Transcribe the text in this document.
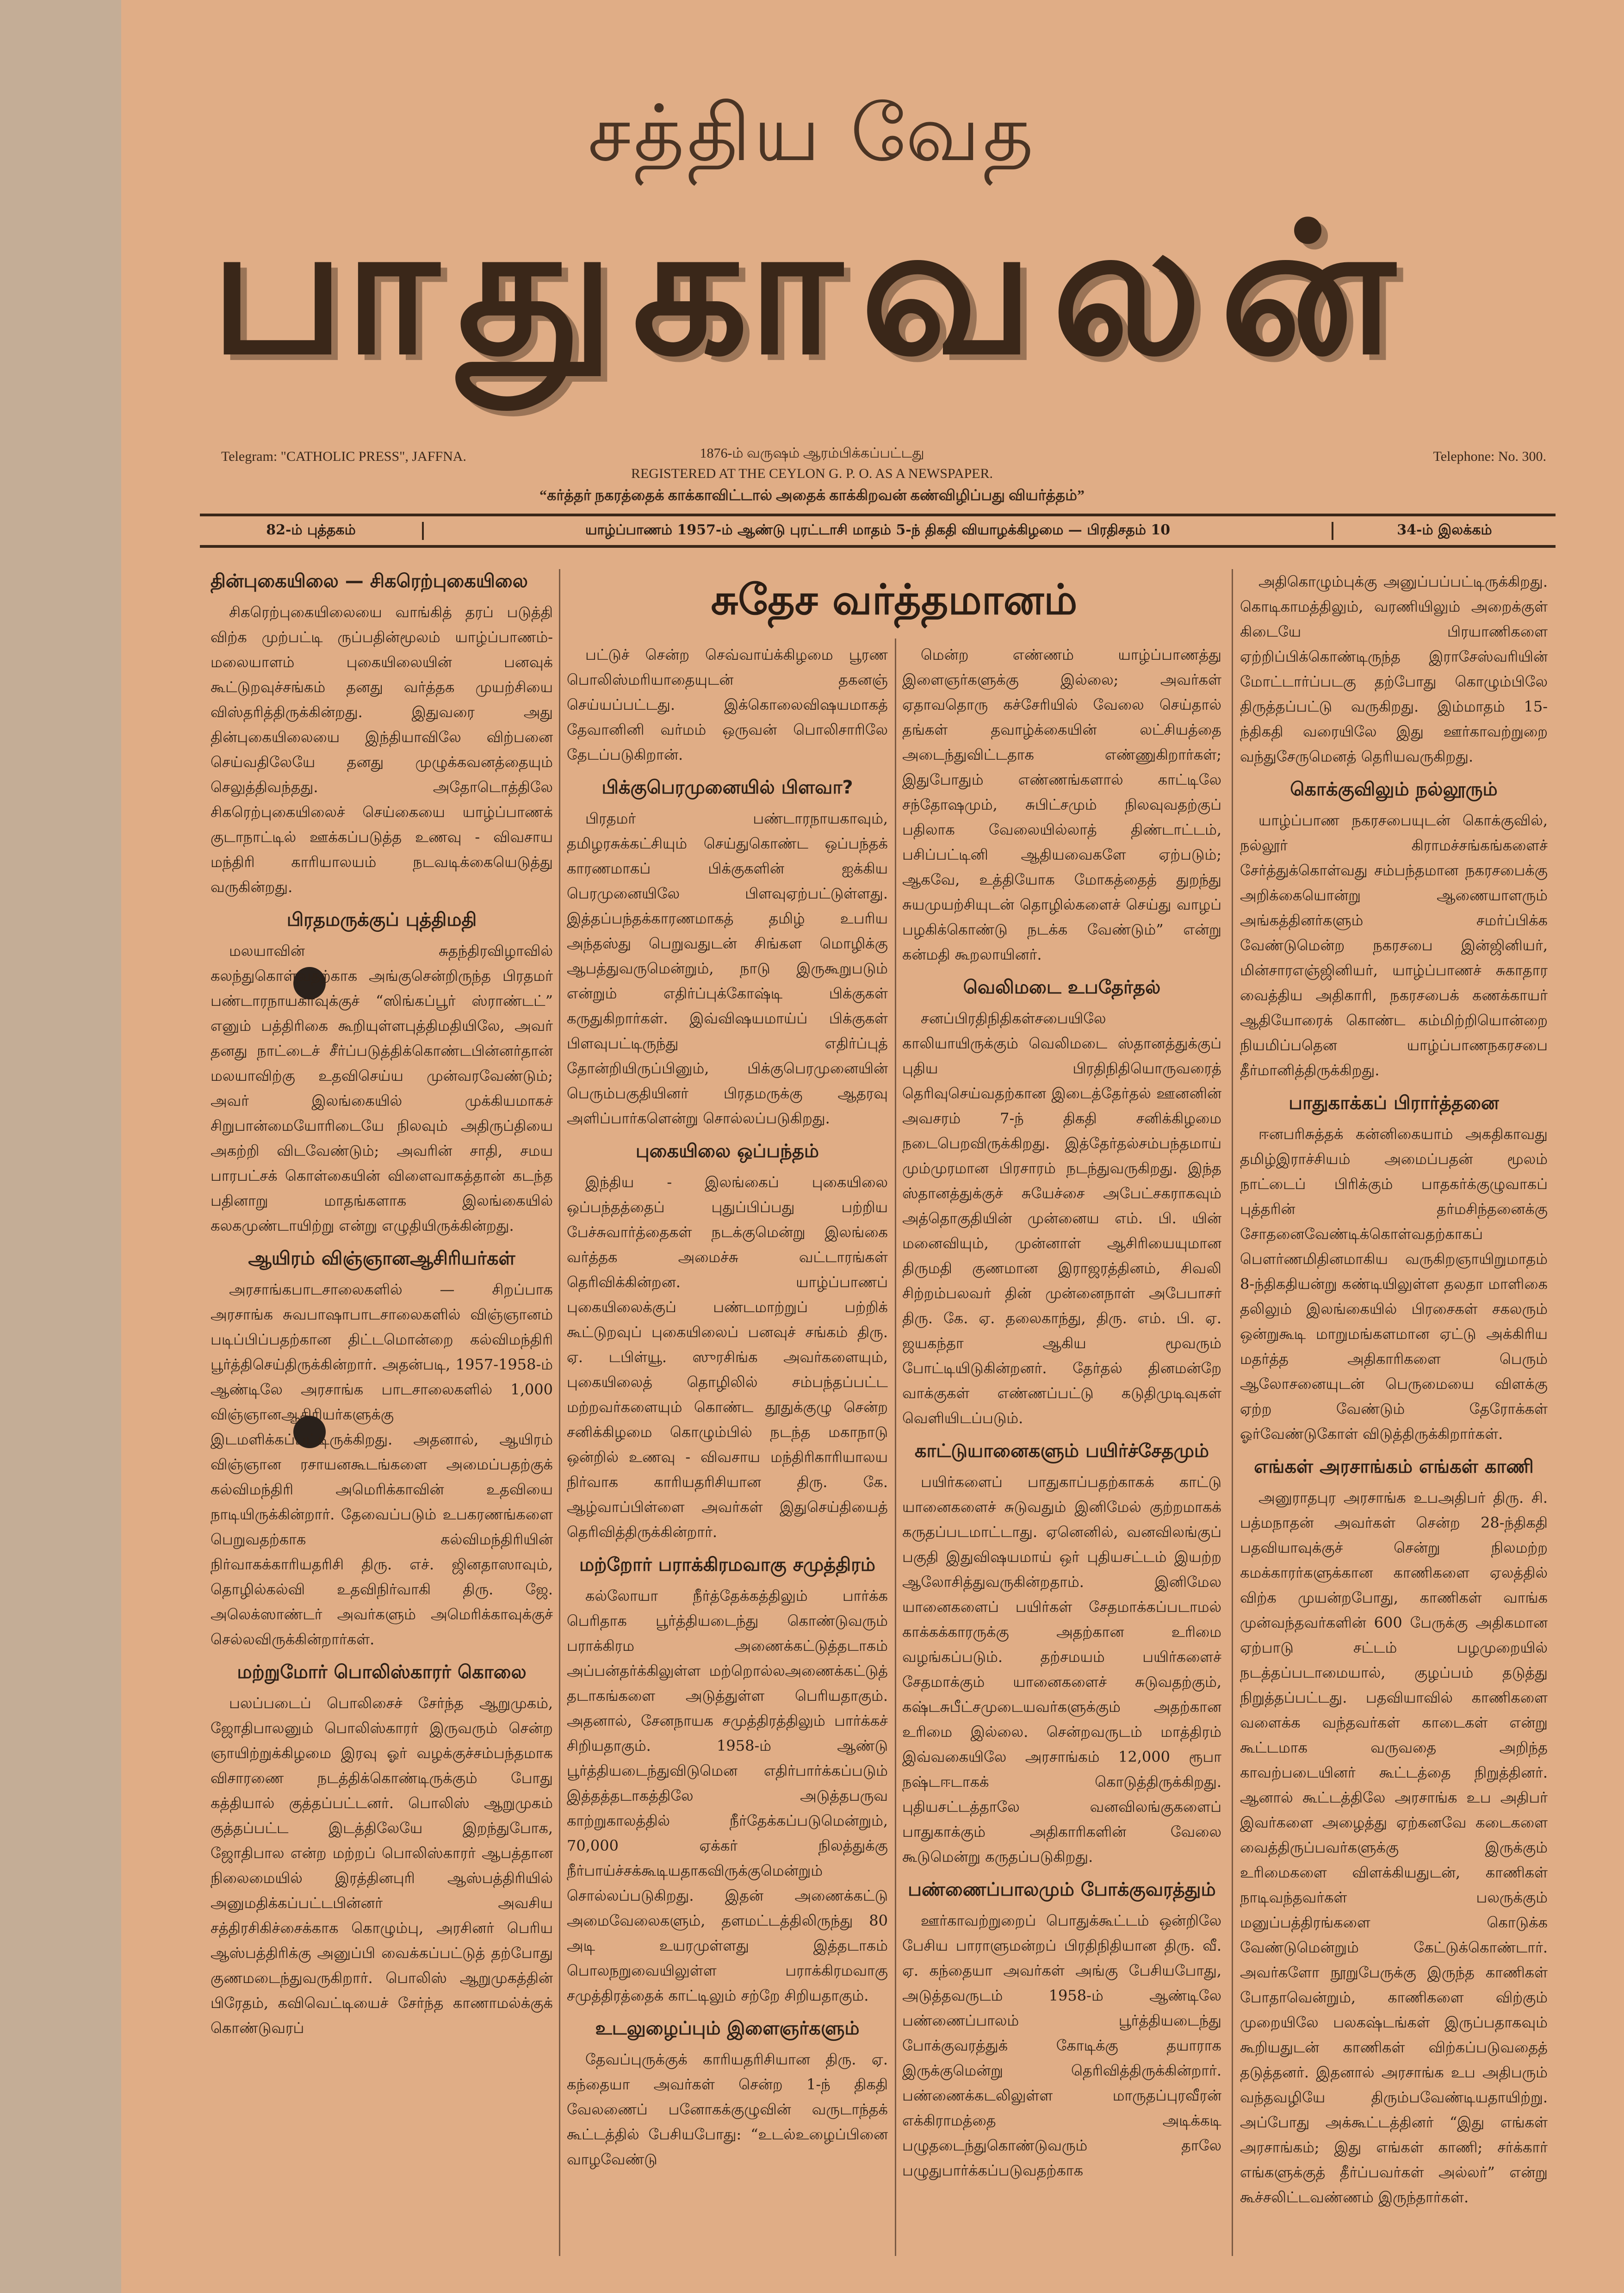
சத்திய வேத
பாதுகாவலன்
Telegram: "CATHOLIC PRESS", JAFFNA.	1876-ம் வருஷம் ஆரம்பிக்கப்பட்டது
REGISTERED AT THE CEYLON G. P. O. AS A NEWSPAPER.
Telephone: No. 300.
“கர்த்தர் நகரத்தைக் காக்காவிட்டால் அதைக் காக்கிறவன் கண்விழிப்பது வியர்த்தம்”
82-ம் புத்தகம்	யாழ்ப்பாணம் 1957-ம் ஆண்டு புரட்டாசி மாதம் 5-ந் திகதி வியாழக்கிழமை — பிரதிசதம் 10	34-ம் இலக்கம்
சுதேச வர்த்தமானம்
தின்புகையிலை — சிகரெற்புகையிலை

சிகரெற்புகையிலையை வாங்கித் தரப் படுத்தி விற்க முற்பட்டி ருப்பதின்மூலம் யாழ்ப்பாணம்-மலையாளம் புகையிலையின் பனவுக் கூட்டுறவுச்சங்கம் தனது வர்த்தக முயற்சியை விஸ்தரித்திருக்கின்றது. இதுவரை அது தின்புகையிலையை இந்தியாவிலே விற்பனை செய்வதிலேயே தனது முழுக்கவனத்தையும் செலுத்திவந்தது. அதோடொத்திலே சிகரெற்புகையிலைச் செய்கையை யாழ்ப்பாணக் குடாநாட்டில் ஊக்கப்படுத்த உணவு - விவசாய மந்திரி காரியாலயம் நடவடிக்கையெடுத்து வருகின்றது.

பிரதமருக்குப் புத்திமதி

மலயாவின் சுதந்திரவிழாவில் கலந்துகொள்வதற்காக அங்குசென்றிருந்த பிரதமர் பண்டாரநாயகாவுக்குச் “ஸிங்கப்பூர் ஸ்ராண்டட்” எனும் பத்திரிகை கூறியுள்ளபுத்திமதியிலே, அவர் தனது நாட்டைச் சீர்ப்படுத்திக்கொண்டபின்னர்தான் மலயாவிற்கு உதவிசெய்ய முன்வரவேண்டும்; அவர் இலங்கையில் முக்கியமாகச் சிறுபான்மையோரிடையே நிலவும் அதிருப்தியை அகற்றி விடவேண்டும்; அவரின் சாதி, சமய பாரபட்சக் கொள்கையின் விளைவாகத்தான் கடந்த பதினாறு மாதங்களாக இலங்கையில் கலகமுண்டாயிற்று என்று எழுதியிருக்கின்றது.

ஆயிரம் விஞ்ஞானஆசிரியர்கள்

அரசாங்கபாடசாலைகளில் — சிறப்பாக அரசாங்க சுவபாஷாபாடசாலைகளில் விஞ்ஞானம் படிப்பிப்பதற்கான திட்டமொன்றை கல்விமந்திரி பூர்த்திசெய்திருக்கின்றார். அதன்படி, 1957-1958-ம் ஆண்டிலே அரசாங்க பாடசாலைகளில் 1,000 விஞ்ஞானஆசிரியர்களுக்கு இடமளிக்கப்பட்டிருக்கிறது. அதனால், ஆயிரம் விஞ்ஞான ரசாயனகூடங்களை அமைப்பதற்குக் கல்விமந்திரி அமெரிக்காவின் உதவியை நாடியிருக்கின்றார். தேவைப்படும் உபகரணங்களை பெறுவதற்காக கல்விமந்திரியின் நிர்வாகக்காரியதரிசி திரு. எச். ஜினதாஸாவும், தொழில்கல்வி உதவிநிர்வாகி திரு. ஜே. அலெக்ஸாண்டர் அவர்களும் அமெரிக்காவுக்குச் செல்லவிருக்கின்றார்கள்.

மற்றுமோர் பொலிஸ்காரர் கொலை

பலப்படைப் பொலிசைச் சேர்ந்த ஆறுமுகம், ஜோதிபாலனும் பொலிஸ்காரர் இருவரும் சென்ற ஞாயிற்றுக்கிழமை இரவு ஓர் வழக்குச்சம்பந்தமாக விசாரணை நடத்திக்கொண்டிருக்கும் போது கத்தியால் குத்தப்பட்டனர். பொலிஸ் ஆறுமுகம் குத்தப்பட்ட இடத்திலேயே இறந்துபோக, ஜோதிபால என்ற மற்றப் பொலிஸ்காரர் ஆபத்தான நிலைமையில் இரத்தினபுரி ஆஸ்பத்திரியில் அனுமதிக்கப்பட்டபின்னர் அவசிய சத்திரசிகிச்சைக்காக கொழும்பு, அரசினர் பெரிய ஆஸ்பத்திரிக்கு அனுப்பி வைக்கப்பட்டுத் தற்போது குணமடைந்துவருகிறார். பொலிஸ் ஆறுமுகத்தின் பிரேதம், கவிவெட்டியைச் சேர்ந்த காணாமல்க்குக் கொண்டுவரப்

பட்டுச் சென்ற செவ்வாய்க்கிழமை பூரண பொலிஸ்மரியாதையுடன் தகனஞ் செய்யப்பட்டது. இக்கொலைவிஷயமாகத் தேவானினி வர்மம் ஒருவன் பொலிசாரிலே தேடப்படுகிறான்.

பிக்குபெரமுனையில் பிளவா?

பிரதமர் பண்டாரநாயகாவும், தமிழரசுக்கட்சியும் செய்துகொண்ட ஒப்பந்தக் காரணமாகப் பிக்குகளின் ஐக்கிய பெரமுனையிலே பிளவுஏற்பட்டுள்ளது. இத்தப்பந்தக்காரணமாகத் தமிழ் உபரிய அந்தஸ்து பெறுவதுடன் சிங்கள மொழிக்கு ஆபத்துவருமென்றும், நாடு இருகூறுபடும் என்றும் எதிர்ப்புக்கோஷ்டி பிக்குகள் கருதுகிறார்கள். இவ்விஷயமாய்ப் பிக்குகள் பிளவுபட்டிருந்து எதிர்ப்புத் தோன்றியிருப்பினும், பிக்குபெரமுனையின் பெரும்பகுதியினர் பிரதமருக்கு ஆதரவு அளிப்பார்களென்று சொல்லப்படுகிறது.

புகையிலை ஒப்பந்தம்

இந்திய - இலங்கைப் புகையிலை ஒப்பந்தத்தைப் புதுப்பிப்பது பற்றிய பேச்சுவார்த்தைகள் நடக்குமென்று இலங்கை வர்த்தக அமைச்சு வட்டாரங்கள் தெரிவிக்கின்றன. யாழ்ப்பாணப் புகையிலைக்குப் பண்டமாற்றுப் பற்றிக் கூட்டுறவுப் புகையிலைப் பனவுச் சங்கம் திரு. ஏ. டபிள்யூ. ஸுரசிங்க அவர்களையும், புகையிலைத் தொழிலில் சம்பந்தப்பட்ட மற்றவர்களையும் கொண்ட தூதுக்குழு சென்ற சனிக்கிழமை கொழும்பில் நடந்த மகாநாடு ஒன்றில் உணவு - விவசாய மந்திரிகாரியாலய நிர்வாக காரியதரிசியான திரு. கே. ஆழ்வாப்பிள்ளை அவர்கள் இதுசெய்தியைத் தெரிவித்திருக்கின்றார்.

மற்றோர் பராக்கிரமவாகு சமுத்திரம்

கல்லோயா நீர்த்தேக்கத்திலும் பார்க்க பெரிதாக பூர்த்தியடைந்து கொண்டுவரும் பராக்கிரம அணைக்கட்டுத்தடாகம் அப்பன்தர்க்கிலுள்ள மற்றொல்லஅணைக்கட்டுத் தடாகங்களை அடுத்துள்ள பெரியதாகும். அதனால், சேனநாயக சமுத்திரத்திலும் பார்க்கச் சிறியதாகும். 1958-ம் ஆண்டு பூர்த்தியடைந்துவிடுமென எதிர்பார்க்கப்படும் இத்தத்தடாகத்திலே அடுத்தபருவ காற்றுகாலத்தில் நீர்தேக்கப்படுமென்றும், 70,000 ஏக்கர் நிலத்துக்கு நீர்பாய்ச்சக்கூடியதாகவிருக்குமென்றும் சொல்லப்படுகிறது. இதன் அணைக்கட்டு அமைவேலைகளும், தளமட்டத்திலிருந்து 80 அடி உயரமுள்ளது இத்தடாகம் பொலநறுவையிலுள்ள பராக்கிரமவாகு சமுத்திரத்தைக் காட்டிலும் சற்றே சிறியதாகும்.

உடலுழைப்பும் இளைஞர்களும்

தேவப்புருக்குக் காரியதரிசியான திரு. ஏ. கந்தையா அவர்கள் சென்ற 1-ந் திகதி வேலணைப் பனோகக்குழுவின் வருடாந்தக் கூட்டத்தில் பேசியபோது: “உடல்உழைப்பினை வாழவேண்டு

மென்ற எண்ணம் யாழ்ப்பாணத்து இளைஞர்களுக்கு இல்லை; அவர்கள் ஏதாவதொரு கச்சேரியில் வேலை செய்தால் தங்கள் தவாழ்க்கையின் லட்சியத்தை அடைந்துவிட்டதாக எண்ணுகிறார்கள்; இதுபோதும் எண்ணங்களால் காட்டிலே சந்தோஷமும், சுபிட்சமும் நிலவுவதற்குப் பதிலாக வேலையில்லாத் திண்டாட்டம், பசிப்பட்டினி ஆதியவைகளே ஏற்படும்; ஆகவே, உத்தியோக மோகத்தைத் துறந்து சுயமுயற்சியுடன் தொழில்களைச் செய்து வாழப் பழகிக்கொண்டு நடக்க வேண்டும்” என்று கன்மதி கூறலாயினர்.

வெலிமடை உபதேர்தல்

சனப்பிரதிநிதிகள்சபையிலே காலியாயிருக்கும் வெலிமடை ஸ்தானத்துக்குப் புதிய பிரதிநிதியொருவரைத் தெரிவுசெய்வதற்கான இடைத்தேர்தல் ஊனனின் அவசரம் 7-ந் திகதி சனிக்கிழமை நடைபெறவிருக்கிறது. இத்தேர்தல்சம்பந்தமாய் மும்முரமான பிரசாரம் நடந்துவருகிறது. இந்த ஸ்தானத்துக்குச் சுயேச்சை அபேட்சகராகவும் அத்தொகுதியின் முன்னைய எம். பி. யின் மனைவியும், முன்னாள் ஆசிரியையுமான திருமதி குணமான இராஜரத்தினம், சிவலி சிற்றம்பலவர் தின் முன்னைநாள் அபேபாசர் திரு. கே. ஏ. தலைகாந்து, திரு. எம். பி. ஏ. ஜயகந்தா ஆகிய மூவரும் போட்டியிடுகின்றனர். தேர்தல் தினமன்றே வாக்குகள் எண்ணப்பட்டு கடுதிமுடிவுகள் வெளியிடப்படும்.

காட்டுயானைகளும் பயிர்ச்சேதமும்

பயிர்களைப் பாதுகாப்பதற்காகக் காட்டு யானைகளைச் சுடுவதும் இனிமேல் குற்றமாகக் கருதப்படமாட்டாது. ஏனெனில், வனவிலங்குப் பகுதி இதுவிஷயமாய் ஒர் புதியசட்டம் இயற்ற ஆலோசித்துவருகின்றதாம். இனிமேல யானைகளைப் பயிர்கள் சேதமாக்கப்படாமல் காக்கக்காரருக்கு அதற்கான உரிமை வழங்கப்படும். தற்சமயம் பயிர்களைச் சேதமாக்கும் யானைகளைச் சுடுவதற்கும், கஷ்டசுபீட்சமுடையவர்களுக்கும் அதற்கான உரிமை இல்லை. சென்றவருடம் மாத்திரம் இவ்வகையிலே அரசாங்கம் 12,000 ரூபா நஷ்டஈடாகக் கொடுத்திருக்கிறது. புதியசட்டத்தாலே வனவிலங்குகளைப் பாதுகாக்கும் அதிகாரிகளின் வேலை கூடுமென்று கருதப்படுகிறது.

பண்ணைப்பாலமும் போக்குவரத்தும்

ஊர்காவற்றுறைப் பொதுக்கூட்டம் ஒன்றிலே பேசிய பாராளுமன்றப் பிரதிநிதியான திரு. வீ. ஏ. கந்தையா அவர்கள் அங்கு பேசியபோது, அடுத்தவருடம் 1958-ம் ஆண்டிலே பண்ணைப்பாலம் பூர்த்தியடைந்து போக்குவரத்துக் கோடிக்கு தயாராக இருக்குமென்று தெரிவித்திருக்கின்றார். பண்ணைக்கடலிலுள்ள மாருதப்புரவீரன் எக்கிராமத்தை அடிக்கடி பழுதடைந்துகொண்டுவரும் தாலே பழுதுபார்க்கப்படுவதற்காக

அதிகொழும்புக்கு அனுப்பப்பட்டிருக்கிறது. கொடிகாமத்திலும், வரணியிலும் அறைக்குள் கிடையே பிரயாணிகளை ஏற்றிப்பிக்கொண்டிருந்த இராசேஸ்வரியின் மோட்டார்ப்படகு தற்போது கொழும்பிலே திருத்தப்பட்டு வருகிறது. இம்மாதம் 15-ந்திகதி வரையிலே இது ஊர்காவற்றுறை வந்துசேருமெனத் தெரியவருகிறது.

கொக்குவிலும் நல்லூரும்

யாழ்ப்பாண நகரசபையுடன் கொக்குவில், நல்லூர் கிராமச்சங்கங்களைச் சேர்த்துக்கொள்வது சம்பந்தமான நகரசபைக்கு அறிக்கையொன்று ஆணையாளரும் அங்கத்தினர்களும் சமர்ப்பிக்க வேண்டுமென்ற நகரசபை இன்ஜினியர், மின்சாரஎஞ்ஜினியர், யாழ்ப்பாணச் சுகாதார வைத்திய அதிகாரி, நகரசபைக் கணக்காயர் ஆதியோரைக் கொண்ட கம்மிற்றியொன்றை நியமிப்பதென யாழ்ப்பாணநகரசபை தீர்மானித்திருக்கிறது.

பாதுகாக்கப் பிரார்த்தனை

ஈனபரிசுத்தக் கன்னிகையாம் அகதிகாவது தமிழ்இராச்சியம் அமைப்பதன் மூலம் நாட்டைப் பிரிக்கும் பாதகர்க்குழுவாகப் புத்தரின் தர்மசிந்தனைக்கு சோதனைவேண்டிக்கொள்வதற்காகப் பௌர்ணமிதினமாகிய வருகிறஞாயிறுமாதம் 8-ந்திகதியன்று கண்டியிலுள்ள தலதா மாளிகை தலிலும் இலங்கையில் பிரசைகள் சகலரும் ஒன்றுகூடி மாறுமங்களமான ஏட்டு அக்கிரிய மதர்த்த அதிகாரிகளை பெரும் ஆலோசனையுடன் பெருமையை விளக்கு ஏற்ற வேண்டும் தேரோக்கள் ஓர்வேண்டுகோள் விடுத்திருக்கிறார்கள்.

எங்கள் அரசாங்கம் எங்கள் காணி

அனுராதபுர அரசாங்க உபஅதிபர் திரு. சி. பத்மநாதன் அவர்கள் சென்ற 28-ந்திகதி பதவியாவுக்குச் சென்று நிலமற்ற கமக்காரர்களுக்கான காணிகளை ஏலத்தில் விற்க முயன்றபோது, காணிகள் வாங்க முன்வந்தவர்களின் 600 பேருக்கு அதிகமான ஏற்பாடு சட்டம் பழமுறையில் நடத்தப்படாமையால், குழப்பம் தடுத்து நிறுத்தப்பட்டது. பதவியாவில் காணிகளை வளைக்க வந்தவர்கள் காடைகள் என்று கூட்டமாக வருவதை அறிந்த காவற்படையினர் கூட்டத்தை நிறுத்தினர். ஆனால் கூட்டத்திலே அரசாங்க உப அதிபர் இவர்களை அழைத்து ஏற்கனவே கடைகளை வைத்திருப்பவர்களுக்கு இருக்கும் உரிமைகளை விளக்கியதுடன், காணிகள் நாடிவந்தவர்கள் பலருக்கும் மனுப்பத்திரங்களை கொடுக்க வேண்டுமென்றும் கேட்டுக்கொண்டார். அவர்களோ நூறுபேருக்கு இருந்த காணிகள் போதாவென்றும், காணிகளை விற்கும் முறையிலே பலகஷ்டங்கள் இருப்பதாகவும் கூறியதுடன் காணிகள் விற்கப்படுவதைத் தடுத்தனர். இதனால் அரசாங்க உப அதிபரும் வந்தவழியே திரும்பவேண்டியதாயிற்று. அப்போது அக்கூட்டத்தினர் “இது எங்கள் அரசாங்கம்; இது எங்கள் காணி; சர்க்கார் எங்களுக்குத் தீர்ப்பவர்கள் அல்லர்” என்று கூச்சலிட்டவண்ணம் இருந்தார்கள்.
